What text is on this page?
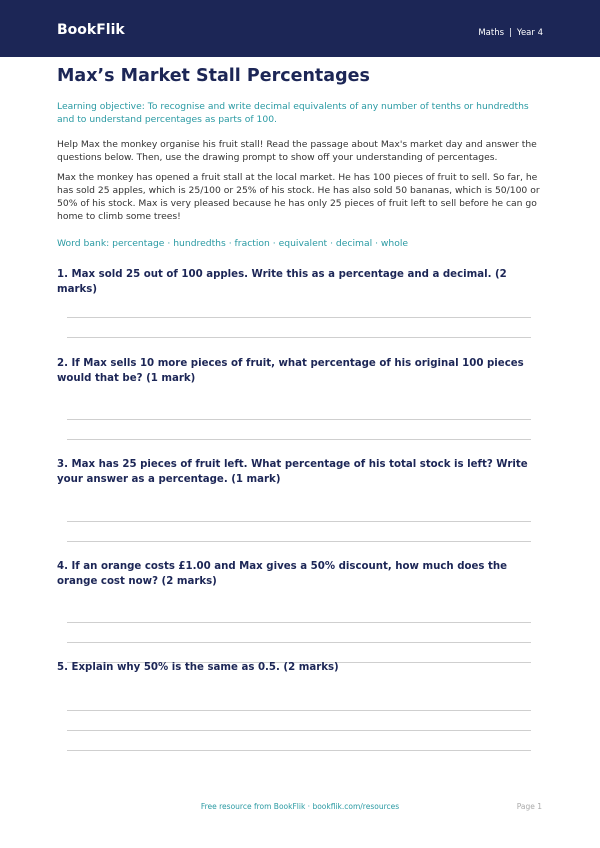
BookFlik	Maths | Year 4
Max’s Market Stall Percentages

Learning objective: To recognise and write decimal equivalents of any number of tenths or hundredths and to understand percentages as parts of 100.

Help Max the monkey organise his fruit stall! Read the passage about Max's market day and answer the questions below. Then, use the drawing prompt to show off your understanding of percentages.

Max the monkey has opened a fruit stall at the local market. He has 100 pieces of fruit to sell. So far, he has sold 25 apples, which is 25/100 or 25% of his stock. He has also sold 50 bananas, which is 50/100 or 50% of his stock. Max is very pleased because he has only 25 pieces of fruit left to sell before he can go home to climb some trees!

Word bank: percentage · hundredths · fraction · equivalent · decimal · whole

1. Max sold 25 out of 100 apples. Write this as a percentage and a decimal. (2 marks)

2. If Max sells 10 more pieces of fruit, what percentage of his original 100 pieces would that be? (1 mark)

3. Max has 25 pieces of fruit left. What percentage of his total stock is left? Write your answer as a percentage. (1 mark)

4. If an orange costs £1.00 and Max gives a 50% discount, how much does the orange cost now? (2 marks)

5. Explain why 50% is the same as 0.5. (2 marks)

Free resource from BookFlik · bookflik.com/resources	Page 1
